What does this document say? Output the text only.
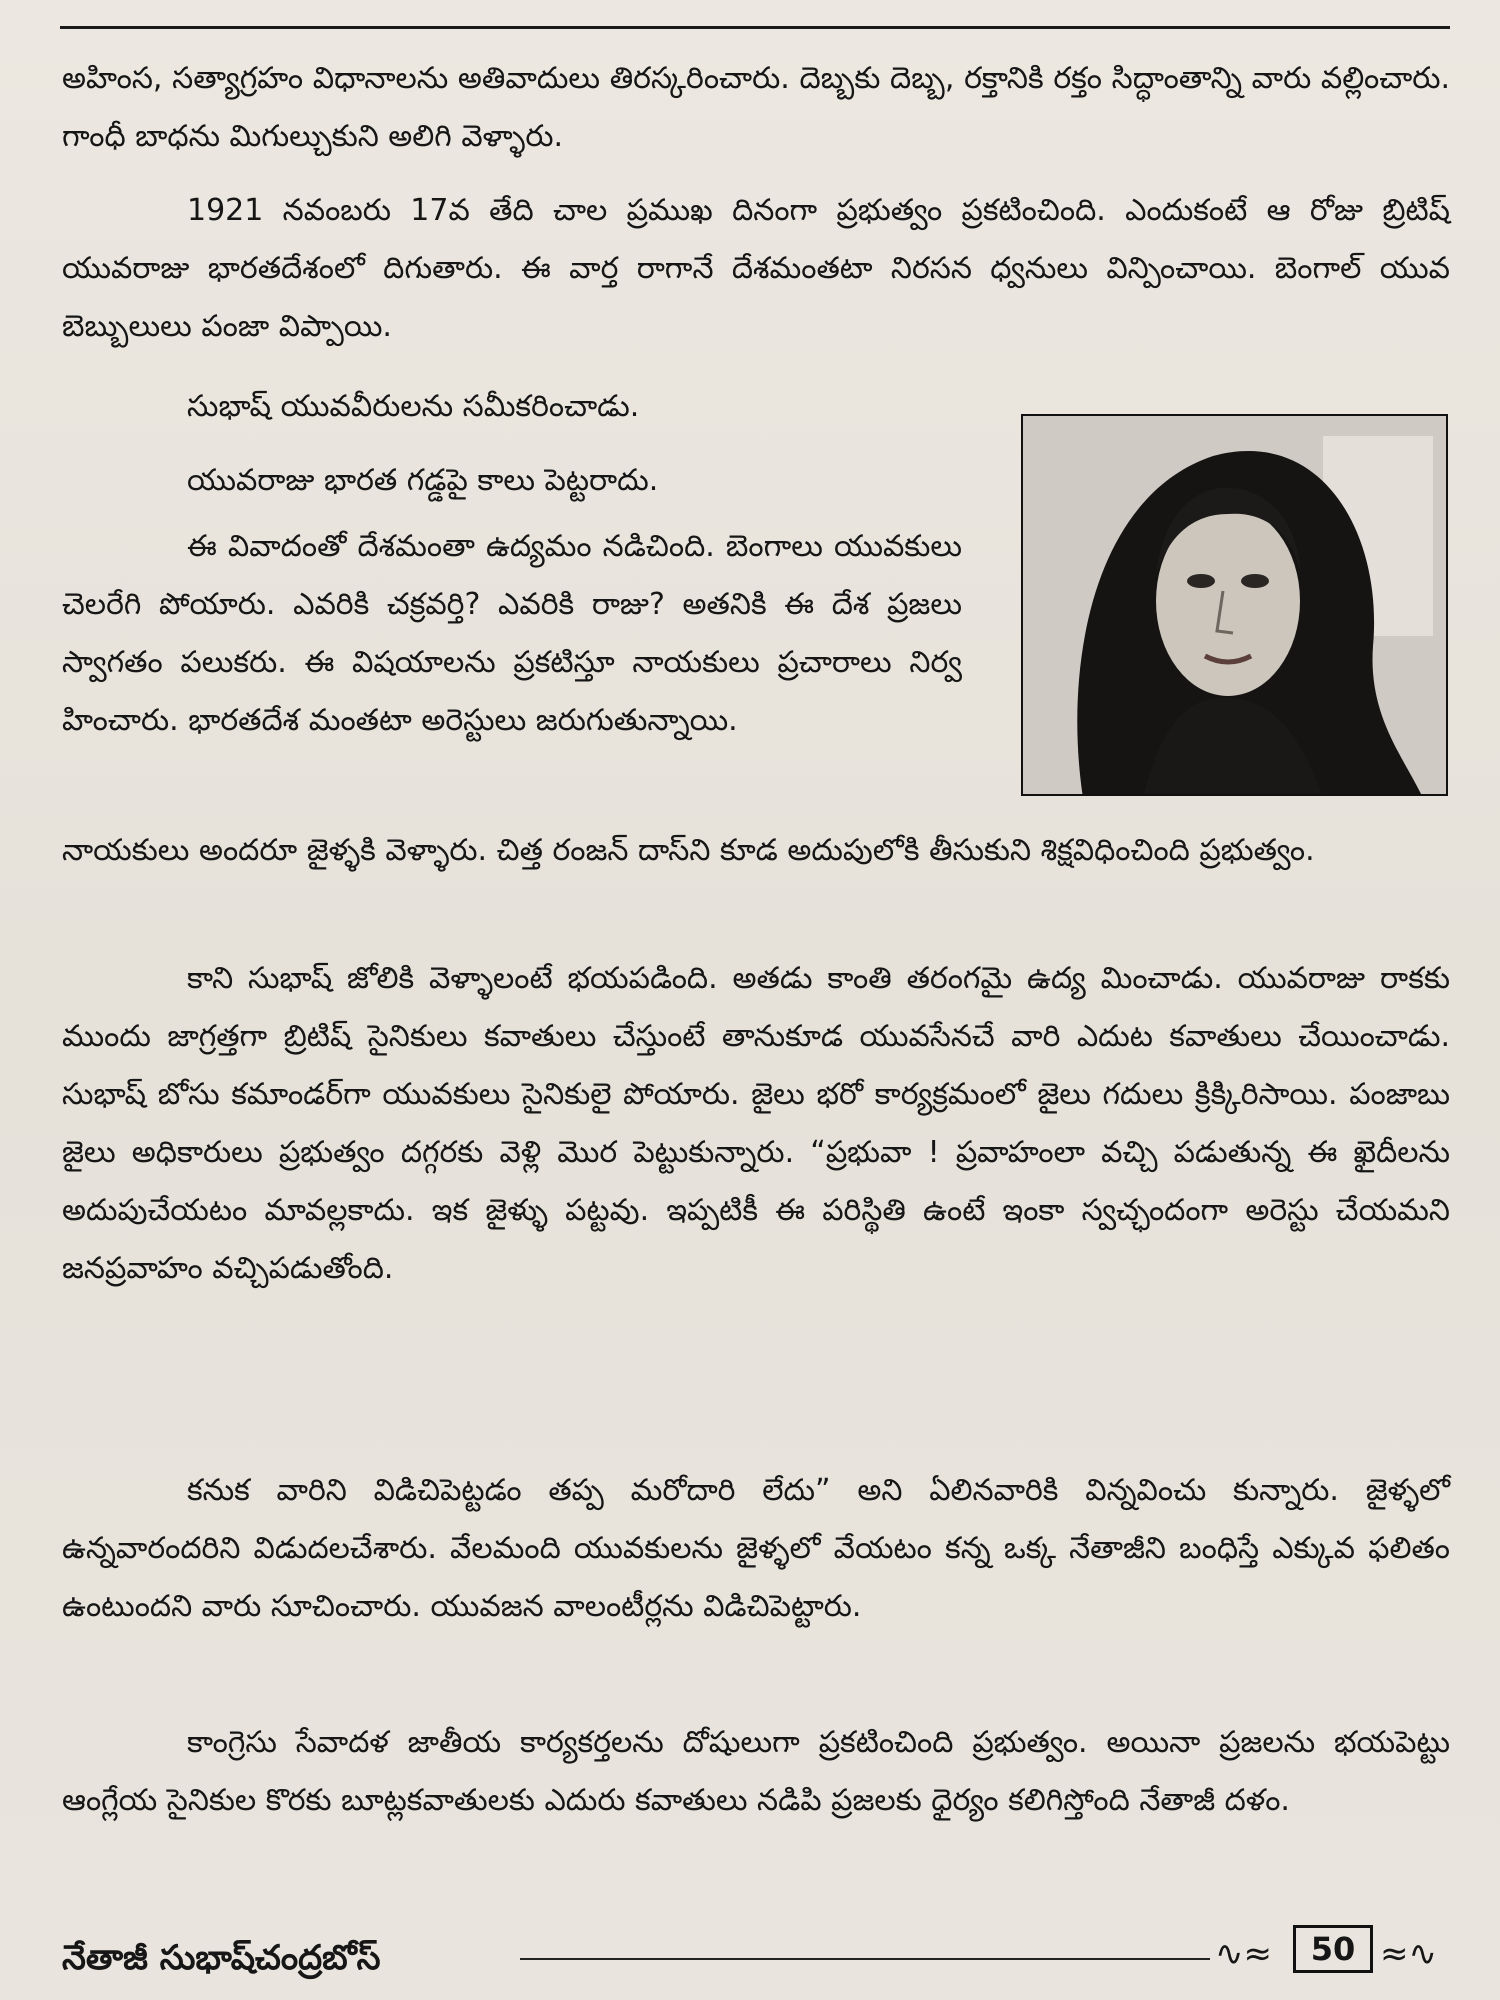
అహింస, సత్యాగ్రహం విధానాలను అతివాదులు తిరస్కరించారు. దెబ్బకు దెబ్బ, రక్తానికి రక్తం సిద్ధాంతాన్ని వారు వల్లించారు. గాంధీ బాధను మిగుల్చుకుని అలిగి వెళ్ళారు.

1921 నవంబరు 17వ తేది చాల ప్రముఖ దినంగా ప్రభుత్వం ప్రకటించింది. ఎందుకంటే ఆ రోజు బ్రిటిష్ యువరాజు భారతదేశంలో దిగుతారు. ఈ వార్త రాగానే దేశమంతటా నిరసన ధ్వనులు విన్పించాయి. బెంగాల్ యువ బెబ్బులులు పంజా విప్పాయి.

సుభాష్ యువవీరులను సమీకరించాడు.

యువరాజు భారత గడ్డపై కాలు పెట్టరాదు.

ఈ వివాదంతో దేశమంతా ఉద్యమం నడిచింది. బెంగాలు యువకులు చెలరేగి పోయారు. ఎవరికి చక్రవర్తి? ఎవరికి రాజు? అతనికి ఈ దేశ ప్రజలు స్వాగతం పలుకరు. ఈ విషయాలను ప్రకటిస్తూ నాయకులు ప్రచారాలు నిర్వ హించారు. భారతదేశ మంతటా అరెస్టులు జరుగుతున్నాయి.

నాయకులు అందరూ జైళ్ళకి వెళ్ళారు. చిత్త రంజన్ దాస్‌ని కూడ అదుపులోకి తీసుకుని శిక్షవిధించింది ప్రభుత్వం.

కాని సుభాష్ జోలికి వెళ్ళాలంటే భయపడింది. అతడు కాంతి తరంగమై ఉద్య మించాడు. యువరాజు రాకకు ముందు జాగ్రత్తగా బ్రిటిష్ సైనికులు కవాతులు చేస్తుంటే తానుకూడ యువసేనచే వారి ఎదుట కవాతులు చేయించాడు. సుభాష్ బోసు కమాండర్‌గా యువకులు సైనికులై పోయారు. జైలు భరో కార్యక్రమంలో జైలు గదులు క్రిక్కిరిసాయి. పంజాబు జైలు అధికారులు ప్రభుత్వం దగ్గరకు వెళ్లి మొర పెట్టుకున్నారు. “ప్రభువా ! ప్రవాహంలా వచ్చి పడుతున్న ఈ ఖైదీలను అదుపుచేయటం మావల్లకాదు. ఇక జైళ్ళు పట్టవు. ఇప్పటికీ ఈ పరిస్థితి ఉంటే ఇంకా స్వచ్ఛందంగా అరెస్టు చేయమని జనప్రవాహం వచ్చిపడుతోంది.

కనుక వారిని విడిచిపెట్టడం తప్ప మరోదారి లేదు” అని ఏలినవారికి విన్నవించు కున్నారు. జైళ్ళలో ఉన్నవారందరిని విడుదలచేశారు. వేలమంది యువకులను జైళ్ళలో వేయటం కన్న ఒక్క నేతాజీని బంధిస్తే ఎక్కువ ఫలితం ఉంటుందని వారు సూచించారు. యువజన వాలంటీర్లను విడిచిపెట్టారు.

కాంగ్రెసు సేవాదళ జాతీయ కార్యకర్తలను దోషులుగా ప్రకటించింది ప్రభుత్వం. అయినా ప్రజలను భయపెట్టు ఆంగ్లేయ సైనికుల కొరకు బూట్లకవాతులకు ఎదురు కవాతులు నడిపి ప్రజలకు ధైర్యం కలిగిస్తోంది నేతాజీ దళం.

నేతాజీ సుభాష్‌చంద్రబోస్	∿≈	50 ≈∿
